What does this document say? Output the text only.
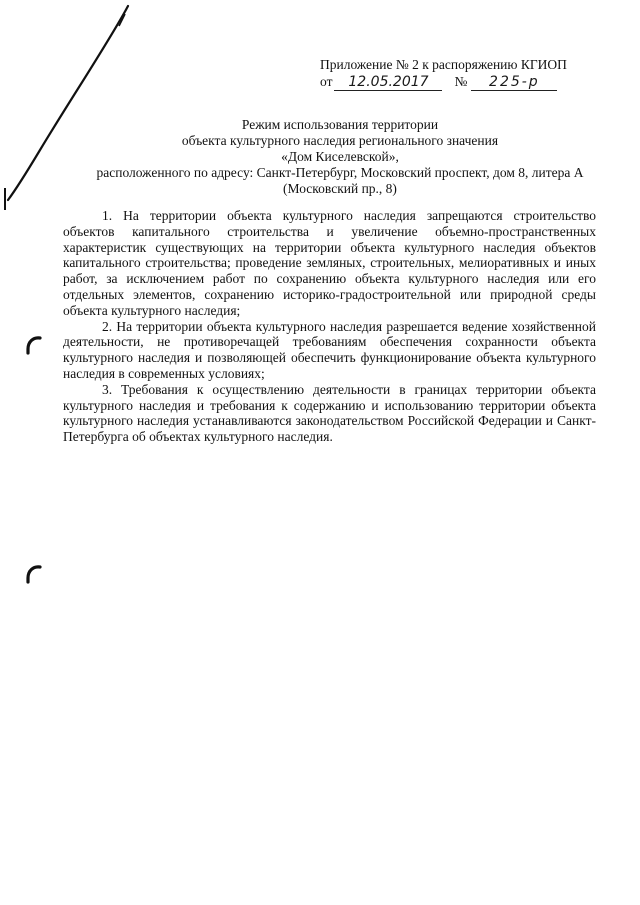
Приложение № 2 к распоряжению КГИОП
от	12.05.2017	№	225-р
Режим использования территории
объекта культурного наследия регионального значения
«Дом Киселевской»,
расположенного по адресу: Санкт-Петербург, Московский проспект, дом 8, литера А
(Московский пр., 8)

1. На территории объекта культурного наследия запрещаются строительство объектов капитального строительства и увеличение объемно-пространственных характеристик существующих на территории объекта культурного наследия объектов капитального строительства; проведение земляных, строительных, мелиоративных и иных работ, за исключением работ по сохранению объекта культурного наследия или его отдельных элементов, сохранению историко-градостроительной или природной среды объекта культурного наследия;

2. На территории объекта культурного наследия разрешается ведение хозяйственной деятельности, не противоречащей требованиям обеспечения сохранности объекта культурного наследия и позволяющей обеспечить функционирование объекта культурного наследия в современных условиях;

3. Требования к осуществлению деятельности в границах территории объекта культурного наследия и требования к содержанию и использованию территории объекта культурного наследия устанавливаются законодательством Российской Федерации и Санкт-Петербурга об объектах культурного наследия.
